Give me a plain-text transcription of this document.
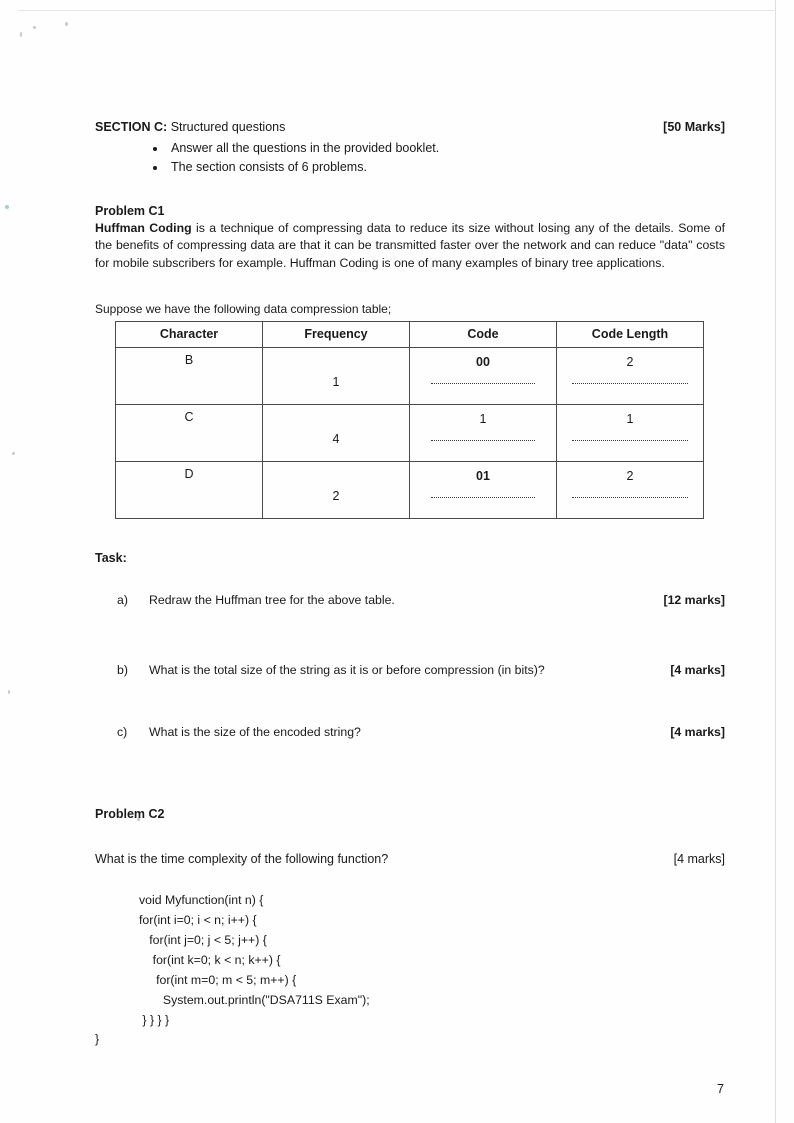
SECTION C: Structured questions	[50 Marks]
• Answer all the questions in the provided booklet.
• The section consists of 6 problems.
Problem C1
Huffman Coding is a technique of compressing data to reduce its size without losing any of the details. Some of the benefits of compressing data are that it can be transmitted faster over the network and can reduce "data" costs for mobile subscribers for example. Huffman Coding is one of many examples of binary tree applications.
Suppose we have the following data compression table;
Character	Frequency	Code	Code Length

B	1	00	2

C	4	1	1

D	2	01	2
Task:
a)	Redraw the Huffman tree for the above table.	[12 marks]
b)	What is the total size of the string as it is or before compression (in bits)?	[4 marks]
c)	What is the size of the encoded string?	[4 marks]
Problem C2
What is the time complexity of the following function?	[4 marks]
void Myfunction(int n) {
for(int i=0; i < n; i++) {
for(int j=0; j < 5; j++) {
for(int k=0; k < n; k++) {
for(int m=0; m < 5; m++) {
System.out.println("DSA711S Exam");
} } } }
}
7
